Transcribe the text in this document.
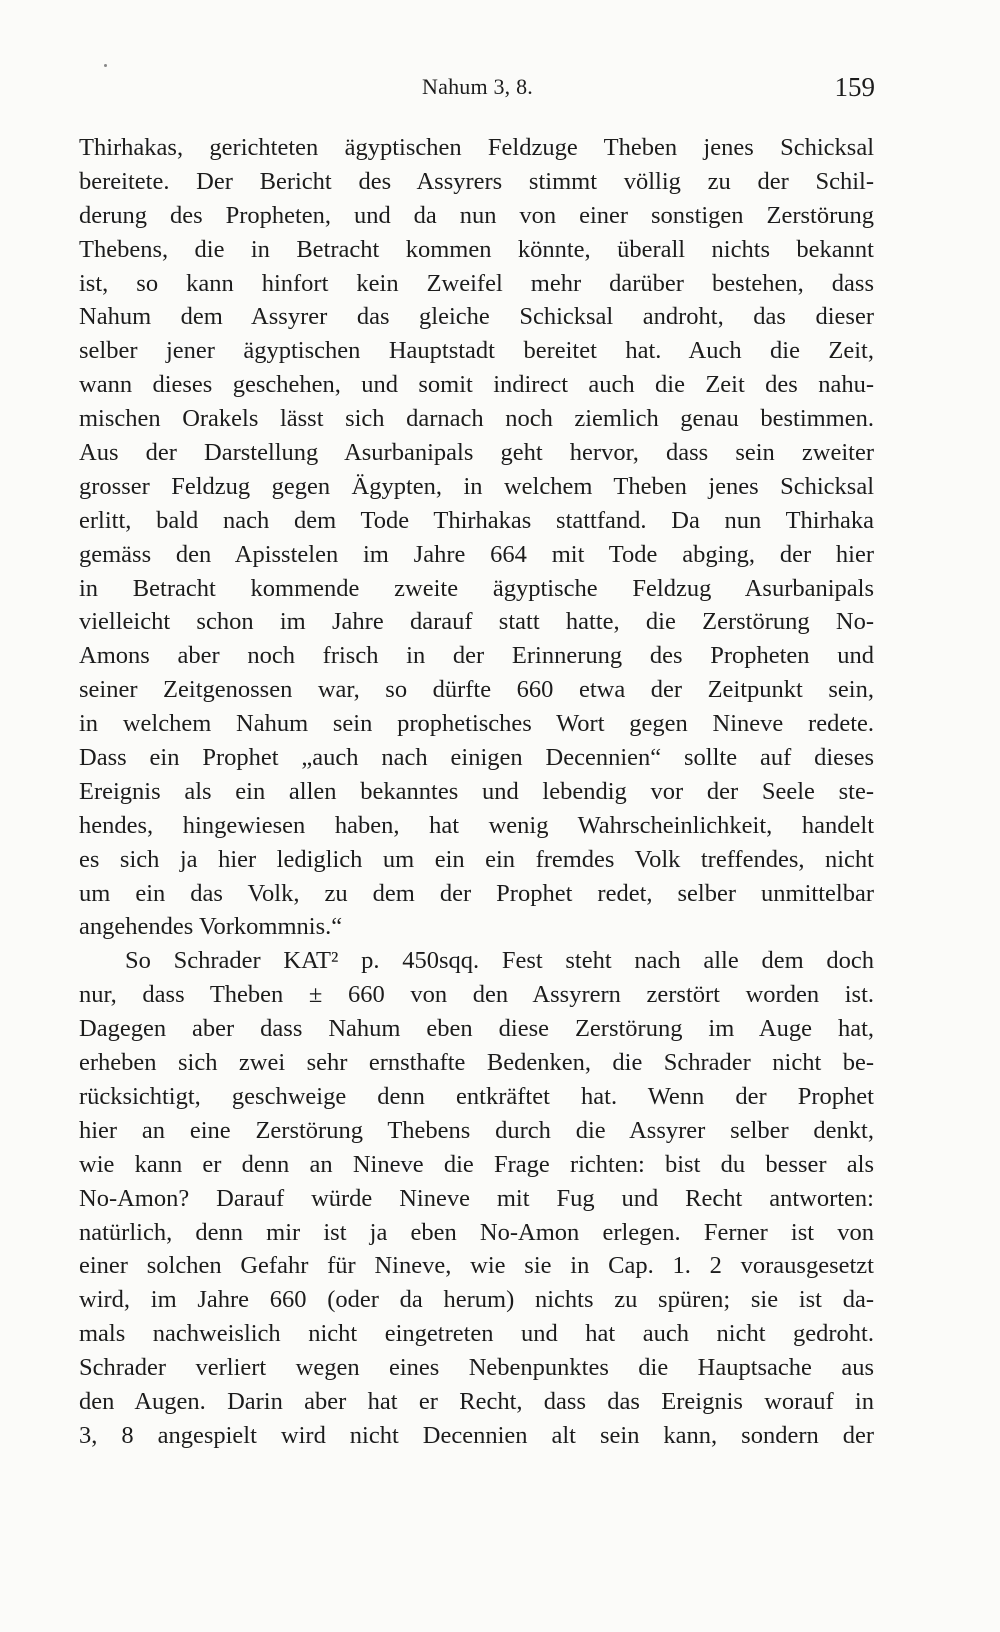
Nahum 3, 8.	159
Thirhakas, gerichteten ägyptischen Feldzuge Theben jenes Schicksal
bereitete. Der Bericht des Assyrers stimmt völlig zu der Schil-
derung des Propheten, und da nun von einer sonstigen Zerstörung
Thebens, die in Betracht kommen könnte, überall nichts bekannt
ist, so kann hinfort kein Zweifel mehr darüber bestehen, dass
Nahum dem Assyrer das gleiche Schicksal androht, das dieser
selber jener ägyptischen Hauptstadt bereitet hat. Auch die Zeit,
wann dieses geschehen, und somit indirect auch die Zeit des nahu-
mischen Orakels lässt sich darnach noch ziemlich genau bestimmen.
Aus der Darstellung Asurbanipals geht hervor, dass sein zweiter
grosser Feldzug gegen Ägypten, in welchem Theben jenes Schicksal
erlitt, bald nach dem Tode Thirhakas stattfand. Da nun Thirhaka
gemäss den Apisstelen im Jahre 664 mit Tode abging, der hier
in Betracht kommende zweite ägyptische Feldzug Asurbanipals
vielleicht schon im Jahre darauf statt hatte, die Zerstörung No-
Amons aber noch frisch in der Erinnerung des Propheten und
seiner Zeitgenossen war, so dürfte 660 etwa der Zeitpunkt sein,
in welchem Nahum sein prophetisches Wort gegen Nineve redete.
Dass ein Prophet „auch nach einigen Decennien“ sollte auf dieses
Ereignis als ein allen bekanntes und lebendig vor der Seele ste-
hendes, hingewiesen haben, hat wenig Wahrscheinlichkeit, handelt
es sich ja hier lediglich um ein ein fremdes Volk treffendes, nicht
um ein das Volk, zu dem der Prophet redet, selber unmittelbar
angehendes Vorkommnis.“
So Schrader KAT² p. 450sqq. Fest steht nach alle dem doch
nur, dass Theben ± 660 von den Assyrern zerstört worden ist.
Dagegen aber dass Nahum eben diese Zerstörung im Auge hat,
erheben sich zwei sehr ernsthafte Bedenken, die Schrader nicht be-
rücksichtigt, geschweige denn entkräftet hat. Wenn der Prophet
hier an eine Zerstörung Thebens durch die Assyrer selber denkt,
wie kann er denn an Nineve die Frage richten: bist du besser als
No-Amon? Darauf würde Nineve mit Fug und Recht antworten:
natürlich, denn mir ist ja eben No-Amon erlegen. Ferner ist von
einer solchen Gefahr für Nineve, wie sie in Cap. 1. 2 vorausgesetzt
wird, im Jahre 660 (oder da herum) nichts zu spüren; sie ist da-
mals nachweislich nicht eingetreten und hat auch nicht gedroht.
Schrader verliert wegen eines Nebenpunktes die Hauptsache aus
den Augen. Darin aber hat er Recht, dass das Ereignis worauf in
3, 8 angespielt wird nicht Decennien alt sein kann, sondern der
